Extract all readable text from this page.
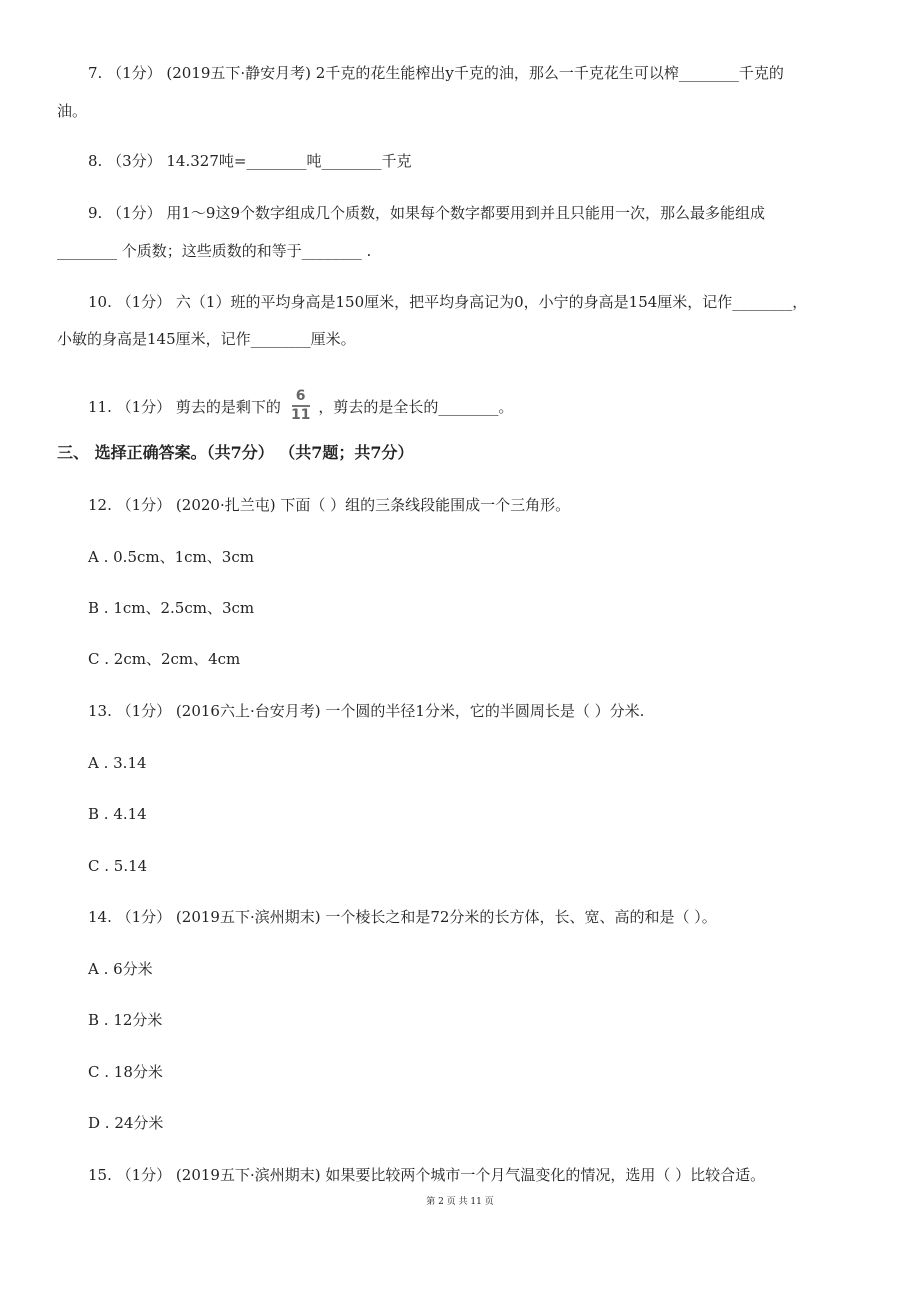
7. （1分） (2019五下·静安月考) 2千克的花生能榨出y千克的油，那么一千克花生可以榨________千克的
油。
8. （3分） 14.327吨=________吨________千克
9. （1分） 用1～9这9个数字组成几个质数，如果每个数字都要用到并且只能用一次，那么最多能组成
________ 个质数；这些质数的和等于________ .
10. （1分） 六（1）班的平均身高是150厘米，把平均身高记为0，小宁的身高是154厘米，记作________，
小敏的身高是145厘米，记作________厘米。
11. （1分） 剪去的是剩下的 $\frac{6}{11}$ ，剪去的是全长的________。
三、 选择正确答案。（共7分） （共7题；共7分）
12. （1分） (2020·扎兰屯) 下面（ ）组的三条线段能围成一个三角形。
A . 0.5cm、1cm、3cm
B . 1cm、2.5cm、3cm
C . 2cm、2cm、4cm
13. （1分） (2016六上·台安月考) 一个圆的半径1分米，它的半圆周长是（ ）分米.
A . 3.14
B . 4.14
C . 5.14
14. （1分） (2019五下·滨州期末) 一个棱长之和是72分米的长方体，长、宽、高的和是（ ）。
A . 6分米
B . 12分米
C . 18分米
D . 24分米
15. （1分） (2019五下·滨州期末) 如果要比较两个城市一个月气温变化的情况，选用（ ）比较合适。
第 2 页 共 11 页
